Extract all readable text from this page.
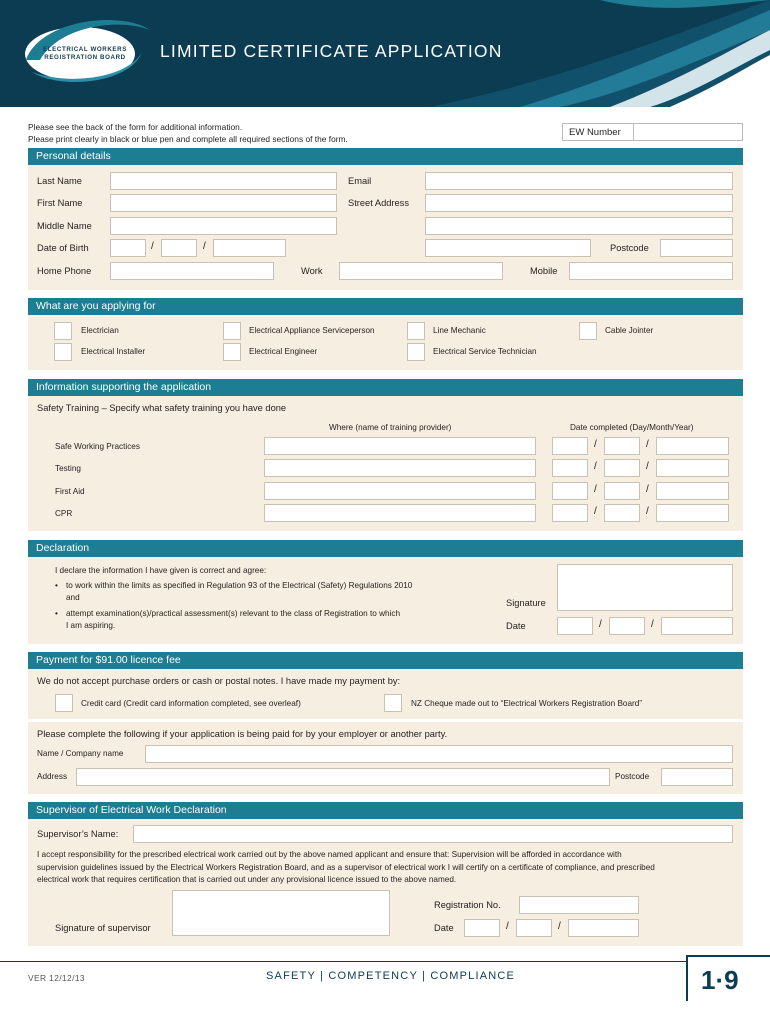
ELECTRICAL WORKERS
REGISTRATION BOARD	LIMITED CERTIFICATE APPLICATION
Please see the back of the form for additional information.
Please print clearly in black or blue pen and complete all required sections of the form.
EW Number
Personal details
Last Name	Email
First Name	Street Address
Middle Name
Date of Birth	/	/	Postcode
Home Phone	Work	Mobile
What are you applying for
Electrician	Electrical Appliance Serviceperson	Line Mechanic	Cable Jointer
Electrical Installer	Electrical Engineer	Electrical Service Technician
Information supporting the application
Safety Training – Specify what safety training you have done
Where (name of training provider)	Date completed (Day/Month/Year)
Safe Working Practices	/	/
Testing	/	/
First Aid	/	/
CPR	/	/
Declaration
I declare the information I have given is correct and agree:
• to work within the limits as specified in Regulation 93 of the Electrical (Safety) Regulations 2010
and
• attempt examination(s)/practical assessment(s) relevant to the class of Registration to which
I am aspiring.
Signature
Date	/	/
Payment for $91.00 licence fee
We do not accept purchase orders or cash or postal notes. I have made my payment by:
Credit card (Credit card information completed, see overleaf)	NZ Cheque made out to “Electrical Workers Registration Board”
Please complete the following if your application is being paid for by your employer or another party.
Name / Company name
Address	Postcode
Supervisor of Electrical Work Declaration
Supervisor’s Name:
I accept responsibility for the prescribed electrical work carried out by the above named applicant and ensure that: Supervision will be afforded in accordance with
supervision guidelines issued by the Electrical Workers Registration Board, and as a supervisor of electrical work I will certify on a certificate of compliance, and prescribed
electrical work that requires certification that is carried out under any provisional licence issued to the above named.
Signature of supervisor
Registration No.
Date	/	/
VER 12/12/13	SAFETY | COMPETENCY | COMPLIANCE	1·9
